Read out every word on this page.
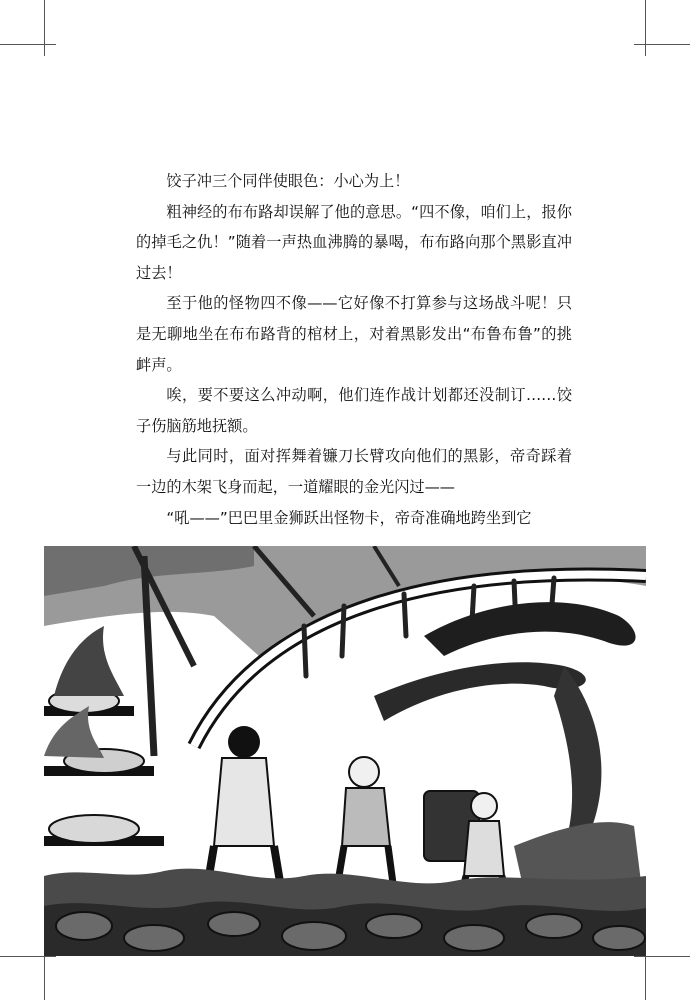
饺子冲三个同伴使眼色：小心为上！

粗神经的布布路却误解了他的意思。“四不像，咱们上，报你的掉毛之仇！”随着一声热血沸腾的暴喝，布布路向那个黑影直冲过去！

至于他的怪物四不像——它好像不打算参与这场战斗呢！只是无聊地坐在布布路背的棺材上，对着黑影发出“布鲁布鲁”的挑衅声。

唉，要不要这么冲动啊，他们连作战计划都还没制订……饺子伤脑筋地抚额。

与此同时，面对挥舞着镰刀长臂攻向他们的黑影，帝奇踩着一边的木架飞身而起，一道耀眼的金光闪过——

“吼——”巴巴里金狮跃出怪物卡，帝奇准确地跨坐到它
